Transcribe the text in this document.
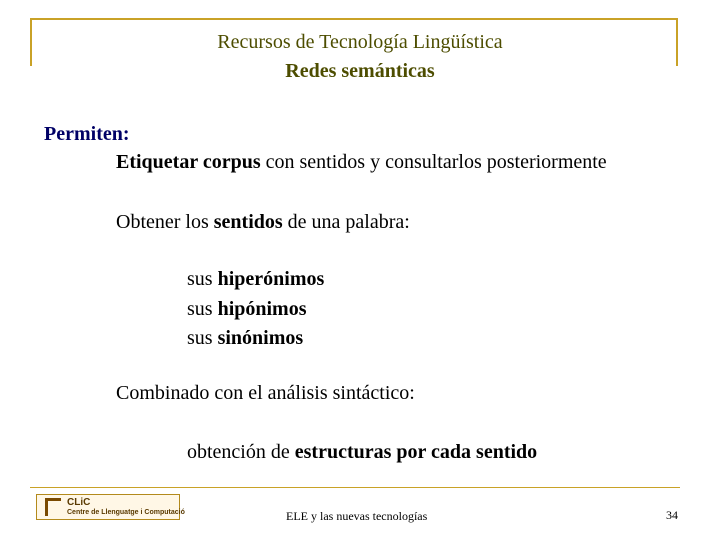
Recursos de Tecnología Lingüística
Redes semánticas
Permiten:
Etiquetar corpus con sentidos y consultarlos posteriormente
Obtener los sentidos de una palabra:
sus hiperónimos
sus hipónimos
sus sinónimos
Combinado con el análisis sintáctico:
obtención de estructuras por cada sentido
CLiC
Centre de Llenguatge i Computació	ELE y las nuevas tecnologías	34
